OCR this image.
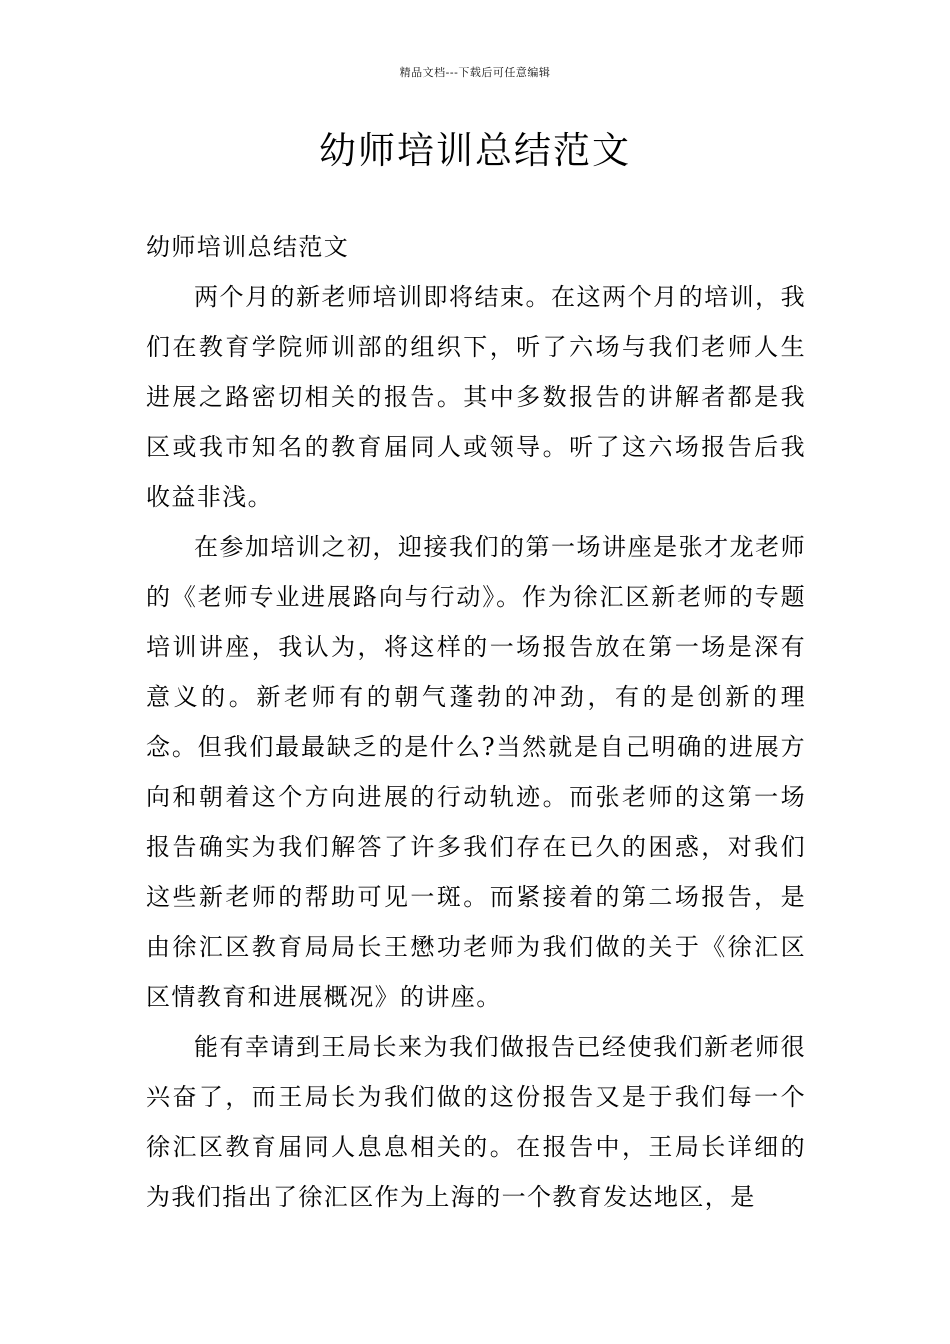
精品文档---下载后可任意编辑
幼师培训总结范文

幼师培训总结范文

两个月的新老师培训即将结束。在这两个月的培训，我们在教育学院师训部的组织下，听了六场与我们老师人生进展之路密切相关的报告。其中多数报告的讲解者都是我区或我市知名的教育届同人或领导。听了这六场报告后我收益非浅。

在参加培训之初，迎接我们的第一场讲座是张才龙老师的《老师专业进展路向与行动》。作为徐汇区新老师的专题培训讲座，我认为，将这样的一场报告放在第一场是深有意义的。新老师有的朝气蓬勃的冲劲，有的是创新的理念。但我们最最缺乏的是什么?当然就是自己明确的进展方向和朝着这个方向进展的行动轨迹。而张老师的这第一场报告确实为我们解答了许多我们存在已久的困惑，对我们这些新老师的帮助可见一斑。而紧接着的第二场报告，是由徐汇区教育局局长王懋功老师为我们做的关于《徐汇区区情教育和进展概况》的讲座。

能有幸请到王局长来为我们做报告已经使我们新老师很兴奋了，而王局长为我们做的这份报告又是于我们每一个徐汇区教育届同人息息相关的。在报告中，王局长详细的为我们指出了徐汇区作为上海的一个教育发达地区，是
